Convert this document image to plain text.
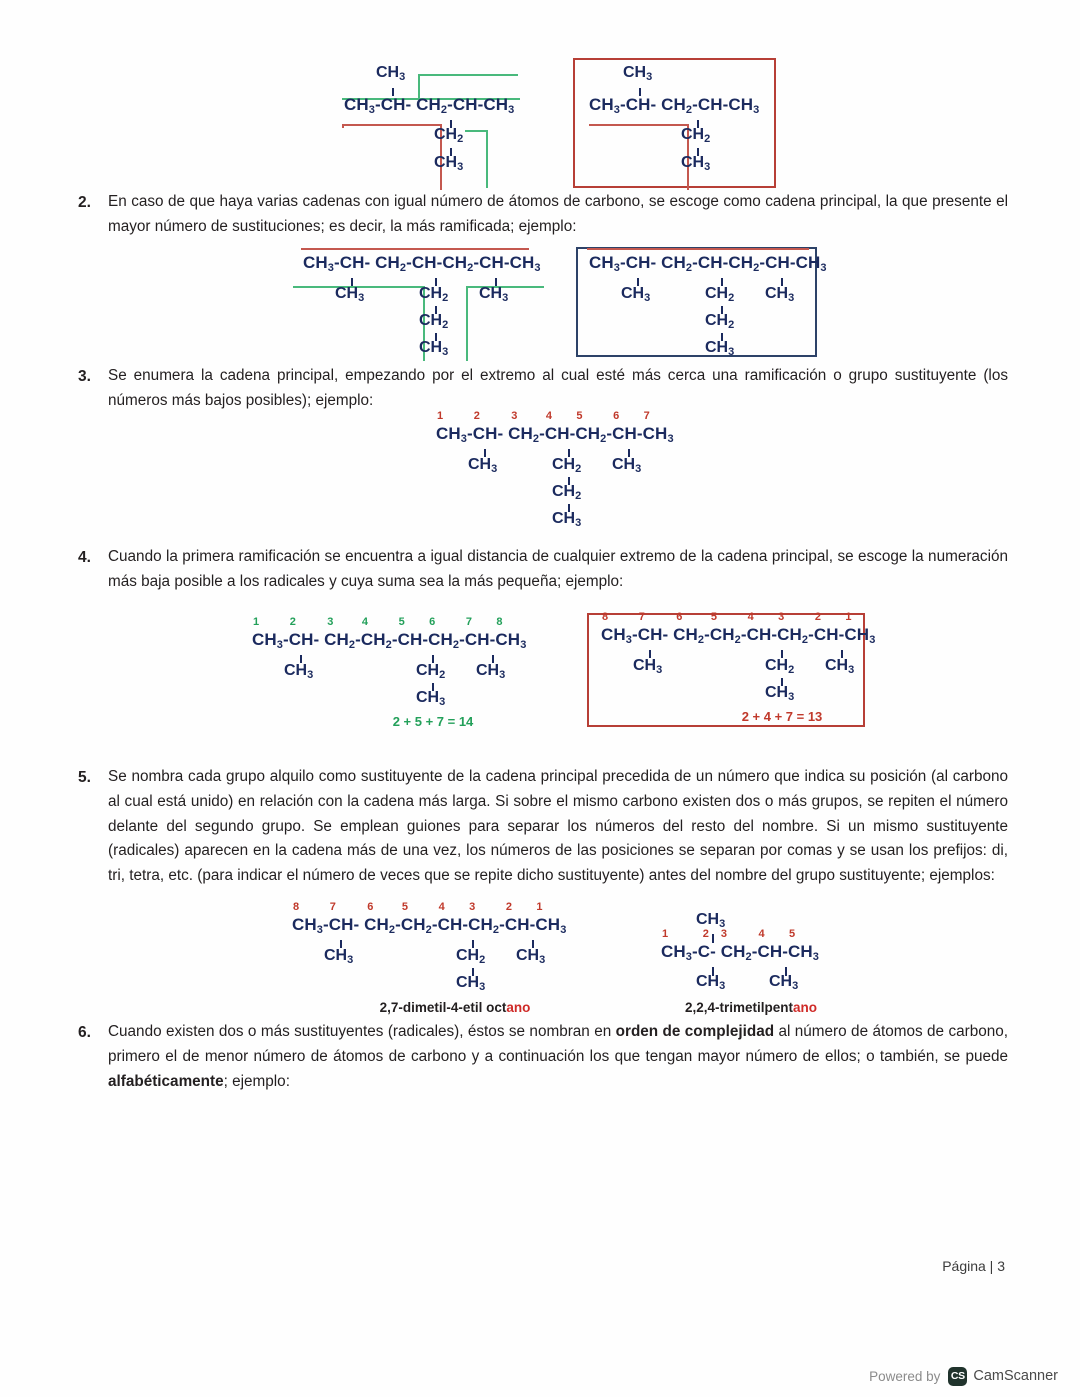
$CH_3$
$CH_3$ - CH - $CH_2$ - CH - $CH_3$
$CH_2$
$CH_3$
$CH_3$
$CH_3$ - CH - $CH_2$ - CH - $CH_3$
$CH_2$
$CH_3$
2.	En caso de que haya varias cadenas con igual número de átomos de carbono, se escoge como cadena principal, la que presente el mayor número de sustituciones; es decir, la más ramificada; ejemplo:
$CH_3$ - CH - $CH_2$ - CH - $CH_2$ - CH - $CH_3$
$CH_3$	$CH_2$
$CH_2$
$CH_3$
$CH_3$
$CH_3$ - CH - $CH_2$ - CH - $CH_2$ - CH - $CH_3$
$CH_3$	$CH_2$
$CH_2$
$CH_3$
$CH_3$
3.	Se enumera la cadena principal, empezando por el extremo al cual esté más cerca una ramificación o grupo sustituyente (los números más bajos posibles); ejemplo:
1
$CH_3$ -
2
CH -

3
$CH_2$ -
4
CH -
5
$CH_2$ -
6
CH -
7
$CH_3$
$CH_3$	$CH_2$
$CH_2$
$CH_3$
$CH_3$
4.	Cuando la primera ramificación se encuentra a igual distancia de cualquier extremo de la cadena principal, se escoge la numeración más baja posible a los radicales y cuya suma sea la más pequeña; ejemplo:
1
$CH_3$ -
2
CH -

3
$CH_2$ -
4
$CH_2$ -
5
CH -
6
$CH_2$ -
7
CH -
8
$CH_3$
$CH_3$	$CH_2$
$CH_3$
$CH_3$
2 + 5 + 7 = 14
8
$CH_3$ -
7
CH -

6
$CH_2$ -
5
$CH_2$ -
4
CH -
3
$CH_2$ -
2
CH -
1
$CH_3$
$CH_3$	$CH_2$
$CH_3$
$CH_3$
2 + 4 + 7 = 13
5.	Se nombra cada grupo alquilo como sustituyente de la cadena principal precedida de un número que indica su posición (al carbono al cual está unido) en relación con la cadena más larga. Si sobre el mismo carbono existen dos o más grupos, se repiten el número delante del segundo grupo. Se emplean guiones para separar los números del resto del nombre. Si un mismo sustituyente (radicales) aparecen en la cadena más de una vez, los números de las posiciones se separan por comas y se usan los prefijos: di, tri, tetra, etc. (para indicar el número de veces que se repite dicho sustituyente) antes del nombre del grupo sustituyente; ejemplos:
8
$CH_3$ -
7
CH -

6
$CH_2$ -
5
$CH_2$ -
4
CH -
3
$CH_2$ -
2
CH -
1
$CH_3$
$CH_3$	$CH_2$
$CH_3$
$CH_3$
2,7-dimetil-4-etil octano
$CH_3$
1
$CH_3$ -
2
C -

3
$CH_2$ -
4
CH -
5
$CH_3$
$CH_3$	$CH_3$
2,2,4-trimetilpentano
6.	Cuando existen dos o más sustituyentes (radicales), éstos se nombran en orden de complejidad al número de átomos de carbono, primero el de menor número de átomos de carbono y a continuación los que tengan mayor número de ellos; o también, se puede alfabéticamente; ejemplo:
Página | 3
Powered by CS CamScanner
